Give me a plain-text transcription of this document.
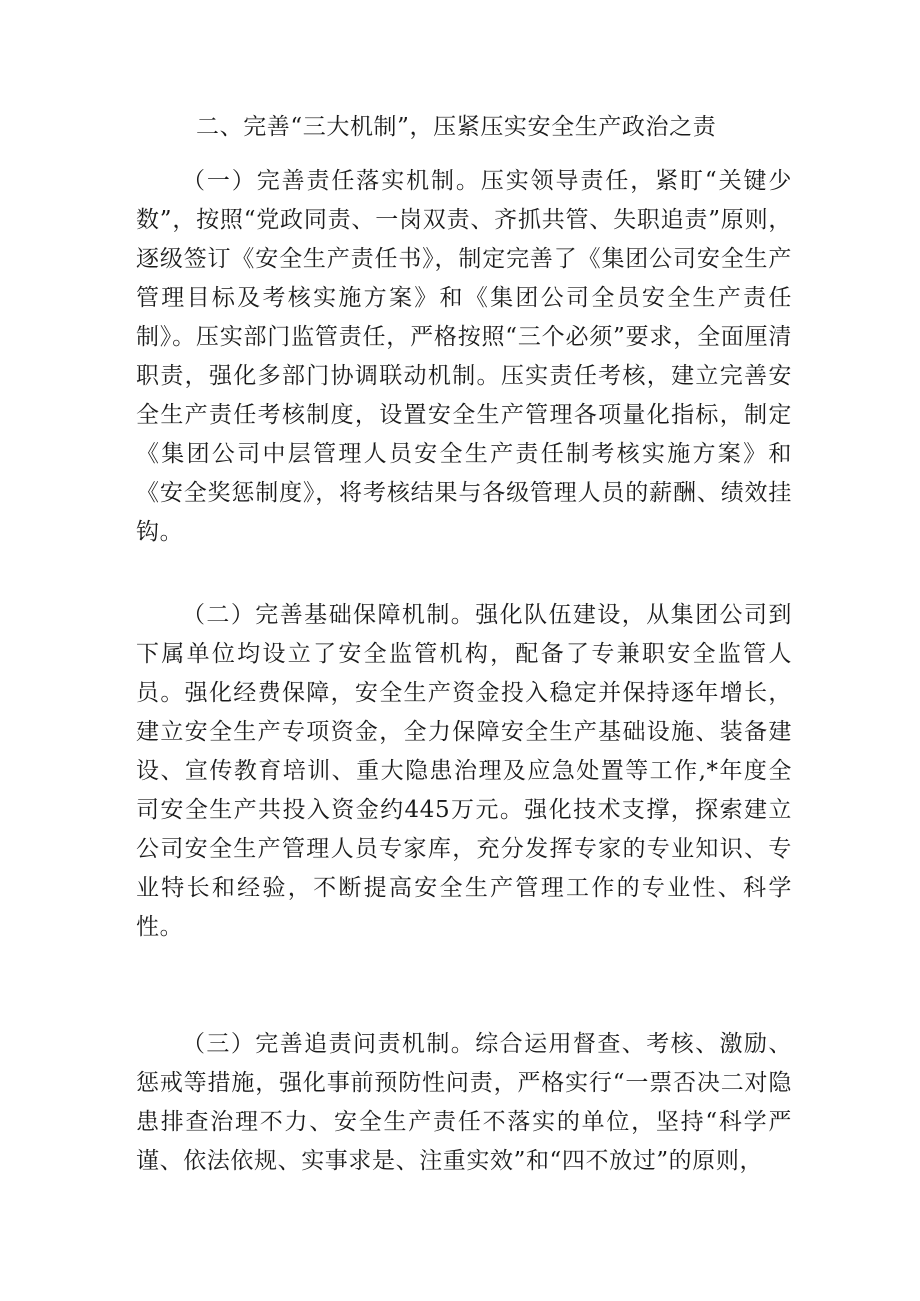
二、完善“三大机制”，压紧压实安全生产政治之责

（一）完善责任落实机制。压实领导责任，紧盯“关键少数”，按照“党政同责、一岗双责、齐抓共管、失职追责”原则，逐级签订《安全生产责任书》，制定完善了《集团公司安全生产管理目标及考核实施方案》和《集团公司全员安全生产责任制》。压实部门监管责任，严格按照“三个必须”要求，全面厘清职责，强化多部门协调联动机制。压实责任考核，建立完善安全生产责任考核制度，设置安全生产管理各项量化指标，制定《集团公司中层管理人员安全生产责任制考核实施方案》和《安全奖惩制度》，将考核结果与各级管理人员的薪酬、绩效挂钩。

（二）完善基础保障机制。强化队伍建设，从集团公司到下属单位均设立了安全监管机构，配备了专兼职安全监管人员。强化经费保障，安全生产资金投入稳定并保持逐年增长，建立安全生产专项资金，全力保障安全生产基础设施、装备建设、宣传教育培训、重大隐患治理及应急处置等工作,*年度全司安全生产共投入资金约445万元。强化技术支撑，探索建立公司安全生产管理人员专家库，充分发挥专家的专业知识、专业特长和经验，不断提高安全生产管理工作的专业性、科学性。

（三）完善追责问责机制。综合运用督查、考核、激励、惩戒等措施，强化事前预防性问责，严格实行“一票否决二对隐患排查治理不力、安全生产责任不落实的单位，坚持“科学严谨、依法依规、实事求是、注重实效”和“四不放过”的原则，
